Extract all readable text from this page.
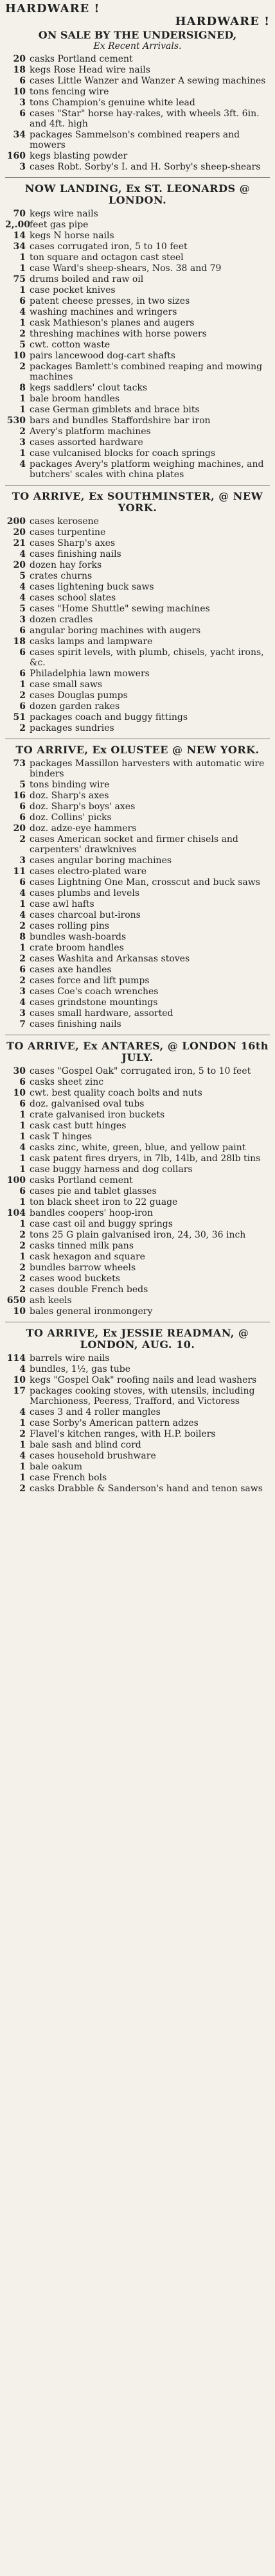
HARDWARE !
HARDWARE !
ON SALE BY THE UNDERSIGNED,
Ex Recent Arrivals.
20 casks Portland cement
18 kegs Rose Head wire nails
6 cases Little Wanzer and Wanzer A sewing machines
10 tons fencing wire
3 tons Champion's genuine white lead
6 cases "Star" horse hay-rakes, with wheels 3ft. 6in. and 4ft. high
34 packages Sammelson's combined reapers and mowers
160 kegs blasting powder
3 cases Robt. Sorby's I. and H. Sorby's sheep-shears
NOW LANDING, Ex ST. LEONARDS @ LONDON.
70 kegs wire nails
2,.00 feet gas pipe
14 kegs N horse nails
34 cases corrugated iron, 5 to 10 feet
1 ton square and octagon cast steel
1 case Ward's sheep-shears, Nos. 38 and 79
75 drums boiled and raw oil
1 case pocket knives
6 patent cheese presses, in two sizes
4 washing machines and wringers
1 cask Mathieson's planes and augers
2 threshing machines with horse powers
5 cwt. cotton waste
10 pairs lancewood dog-cart shafts
2 packages Bamlett's combined reaping and mowing machines
8 kegs saddlers' clout tacks
1 bale broom handles
1 case German gimblets and brace bits
530 bars and bundles Staffordshire bar iron
2 Avery's platform machines
3 cases assorted hardware
1 case vulcanised blocks for coach springs
4 packages Avery's platform weighing machines, and butchers' scales with china plates
TO ARRIVE, Ex SOUTHMINSTER, @ NEW YORK.
200 cases kerosene
20 cases turpentine
21 cases Sharp's axes
4 cases finishing nails
20 dozen hay forks
5 crates churns
4 cases lightening buck saws
4 cases school slates
5 cases "Home Shuttle" sewing machines
3 dozen cradles
6 angular boring machines with augers
18 casks lamps and lampware
6 cases spirit levels, with plumb, chisels, yacht irons, &c.
6 Philadelphia lawn mowers
1 case small saws
2 cases Douglas pumps
6 dozen garden rakes
51 packages coach and buggy fittings
2 packages sundries
TO ARRIVE, Ex OLUSTEE @ NEW YORK.
73 packages Massillon harvesters with automatic wire binders
5 tons binding wire
16 doz. Sharp's axes
6 doz. Sharp's boys' axes
6 doz. Collins' picks
20 doz. adze-eye hammers
2 cases American socket and firmer chisels and carpenters' drawknives
3 cases angular boring machines
11 cases electro-plated ware
6 cases Lightning One Man, crosscut and buck saws
4 cases plumbs and levels
1 case awl hafts
4 cases charcoal but-irons
2 cases rolling pins
8 bundles wash-boards
1 crate broom handles
2 cases Washita and Arkansas stoves
6 cases axe handles
2 cases force and lift pumps
3 cases Coe's coach wrenches
4 cases grindstone mountings
3 cases small hardware, assorted
7 cases finishing nails
TO ARRIVE, Ex ANTARES, @ LONDON 16th JULY.
30 cases "Gospel Oak" corrugated iron, 5 to 10 feet
6 casks sheet zinc
10 cwt. best quality coach bolts and nuts
6 doz. galvanised oval tubs
1 crate galvanised iron buckets
1 cask cast butt hinges
1 cask T hinges
4 casks zinc, white, green, blue, and yellow paint
1 cask patent fires dryers, in 7lb, 14lb, and 28lb tins
1 case buggy harness and dog collars
100 casks Portland cement
6 cases pie and tablet glasses
1 ton black sheet iron to 22 guage
104 bandles coopers' hoop-iron
1 case cast oil and buggy springs
2 tons 25 G plain galvanised iron, 24, 30, 36 inch
2 casks tinned milk pans
1 cask hexagon and square
2 bundles barrow wheels
2 cases wood buckets
2 cases double French beds
650 ash keels
10 bales general ironmongery
TO ARRIVE, Ex JESSIE READMAN, @ LONDON, AUG. 10.
114 barrels wire nails
4 bundles, 1½, gas tube
10 kegs "Gospel Oak" roofing nails and lead washers
17 packages cooking stoves, with utensils, including Marchioness, Peeress, Trafford, and Victoress
4 cases 3 and 4 roller mangles
1 case Sorby's American pattern adzes
2 Flavel's kitchen ranges, with H.P. boilers
1 bale sash and blind cord
4 cases household brushware
1 bale oakum
1 case French bols
2 casks Drabble & Sanderson's hand and tenon saws
